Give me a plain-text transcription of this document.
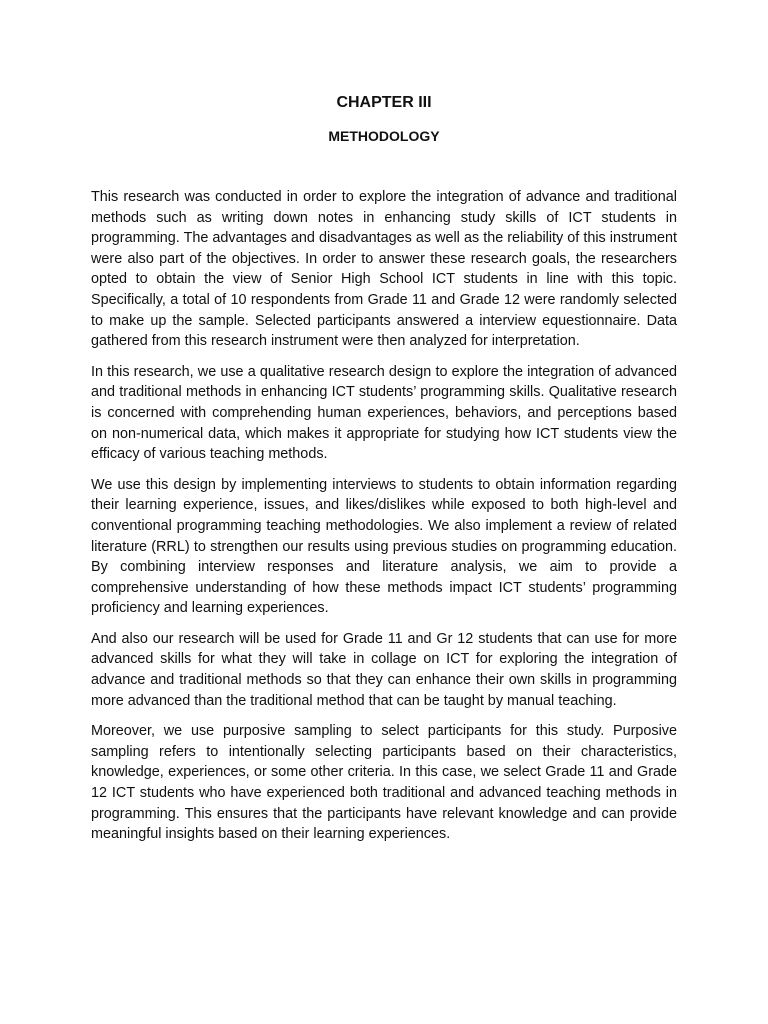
CHAPTER III
METHODOLOGY

This research was conducted in order to explore the integration of advance and traditional methods such as writing down notes in enhancing study skills of ICT students in programming. The advantages and disadvantages as well as the reliability of this instrument were also part of the objectives. In order to answer these research goals, the researchers opted to obtain the view of Senior High School ICT students in line with this topic. Specifically, a total of 10 respondents from Grade 11 and Grade 12 were randomly selected to make up the sample. Selected participants answered a interview equestionnaire. Data gathered from this research instrument were then analyzed for interpretation.

In this research, we use a qualitative research design to explore the integration of advanced and traditional methods in enhancing ICT students’ programming skills. Qualitative research is concerned with comprehending human experiences, behaviors, and perceptions based on non-numerical data, which makes it appropriate for studying how ICT students view the efficacy of various teaching methods.

We use this design by implementing interviews to students to obtain information regarding their learning experience, issues, and likes/dislikes while exposed to both high-level and conventional programming teaching methodologies. We also implement a review of related literature (RRL) to strengthen our results using previous studies on programming education. By combining interview responses and literature analysis, we aim to provide a comprehensive understanding of how these methods impact ICT students’ programming proficiency and learning experiences.

And also our research will be used for Grade 11 and Gr 12 students that can use for more advanced skills for what they will take in collage on ICT for exploring the integration of advance and traditional methods so that they can enhance their own skills in programming more advanced than the traditional method that can be taught by manual teaching.

Moreover, we use purposive sampling to select participants for this study. Purposive sampling refers to intentionally selecting participants based on their characteristics, knowledge, experiences, or some other criteria. In this case, we select Grade 11 and Grade 12 ICT students who have experienced both traditional and advanced teaching methods in programming. This ensures that the participants have relevant knowledge and can provide meaningful insights based on their learning experiences.
